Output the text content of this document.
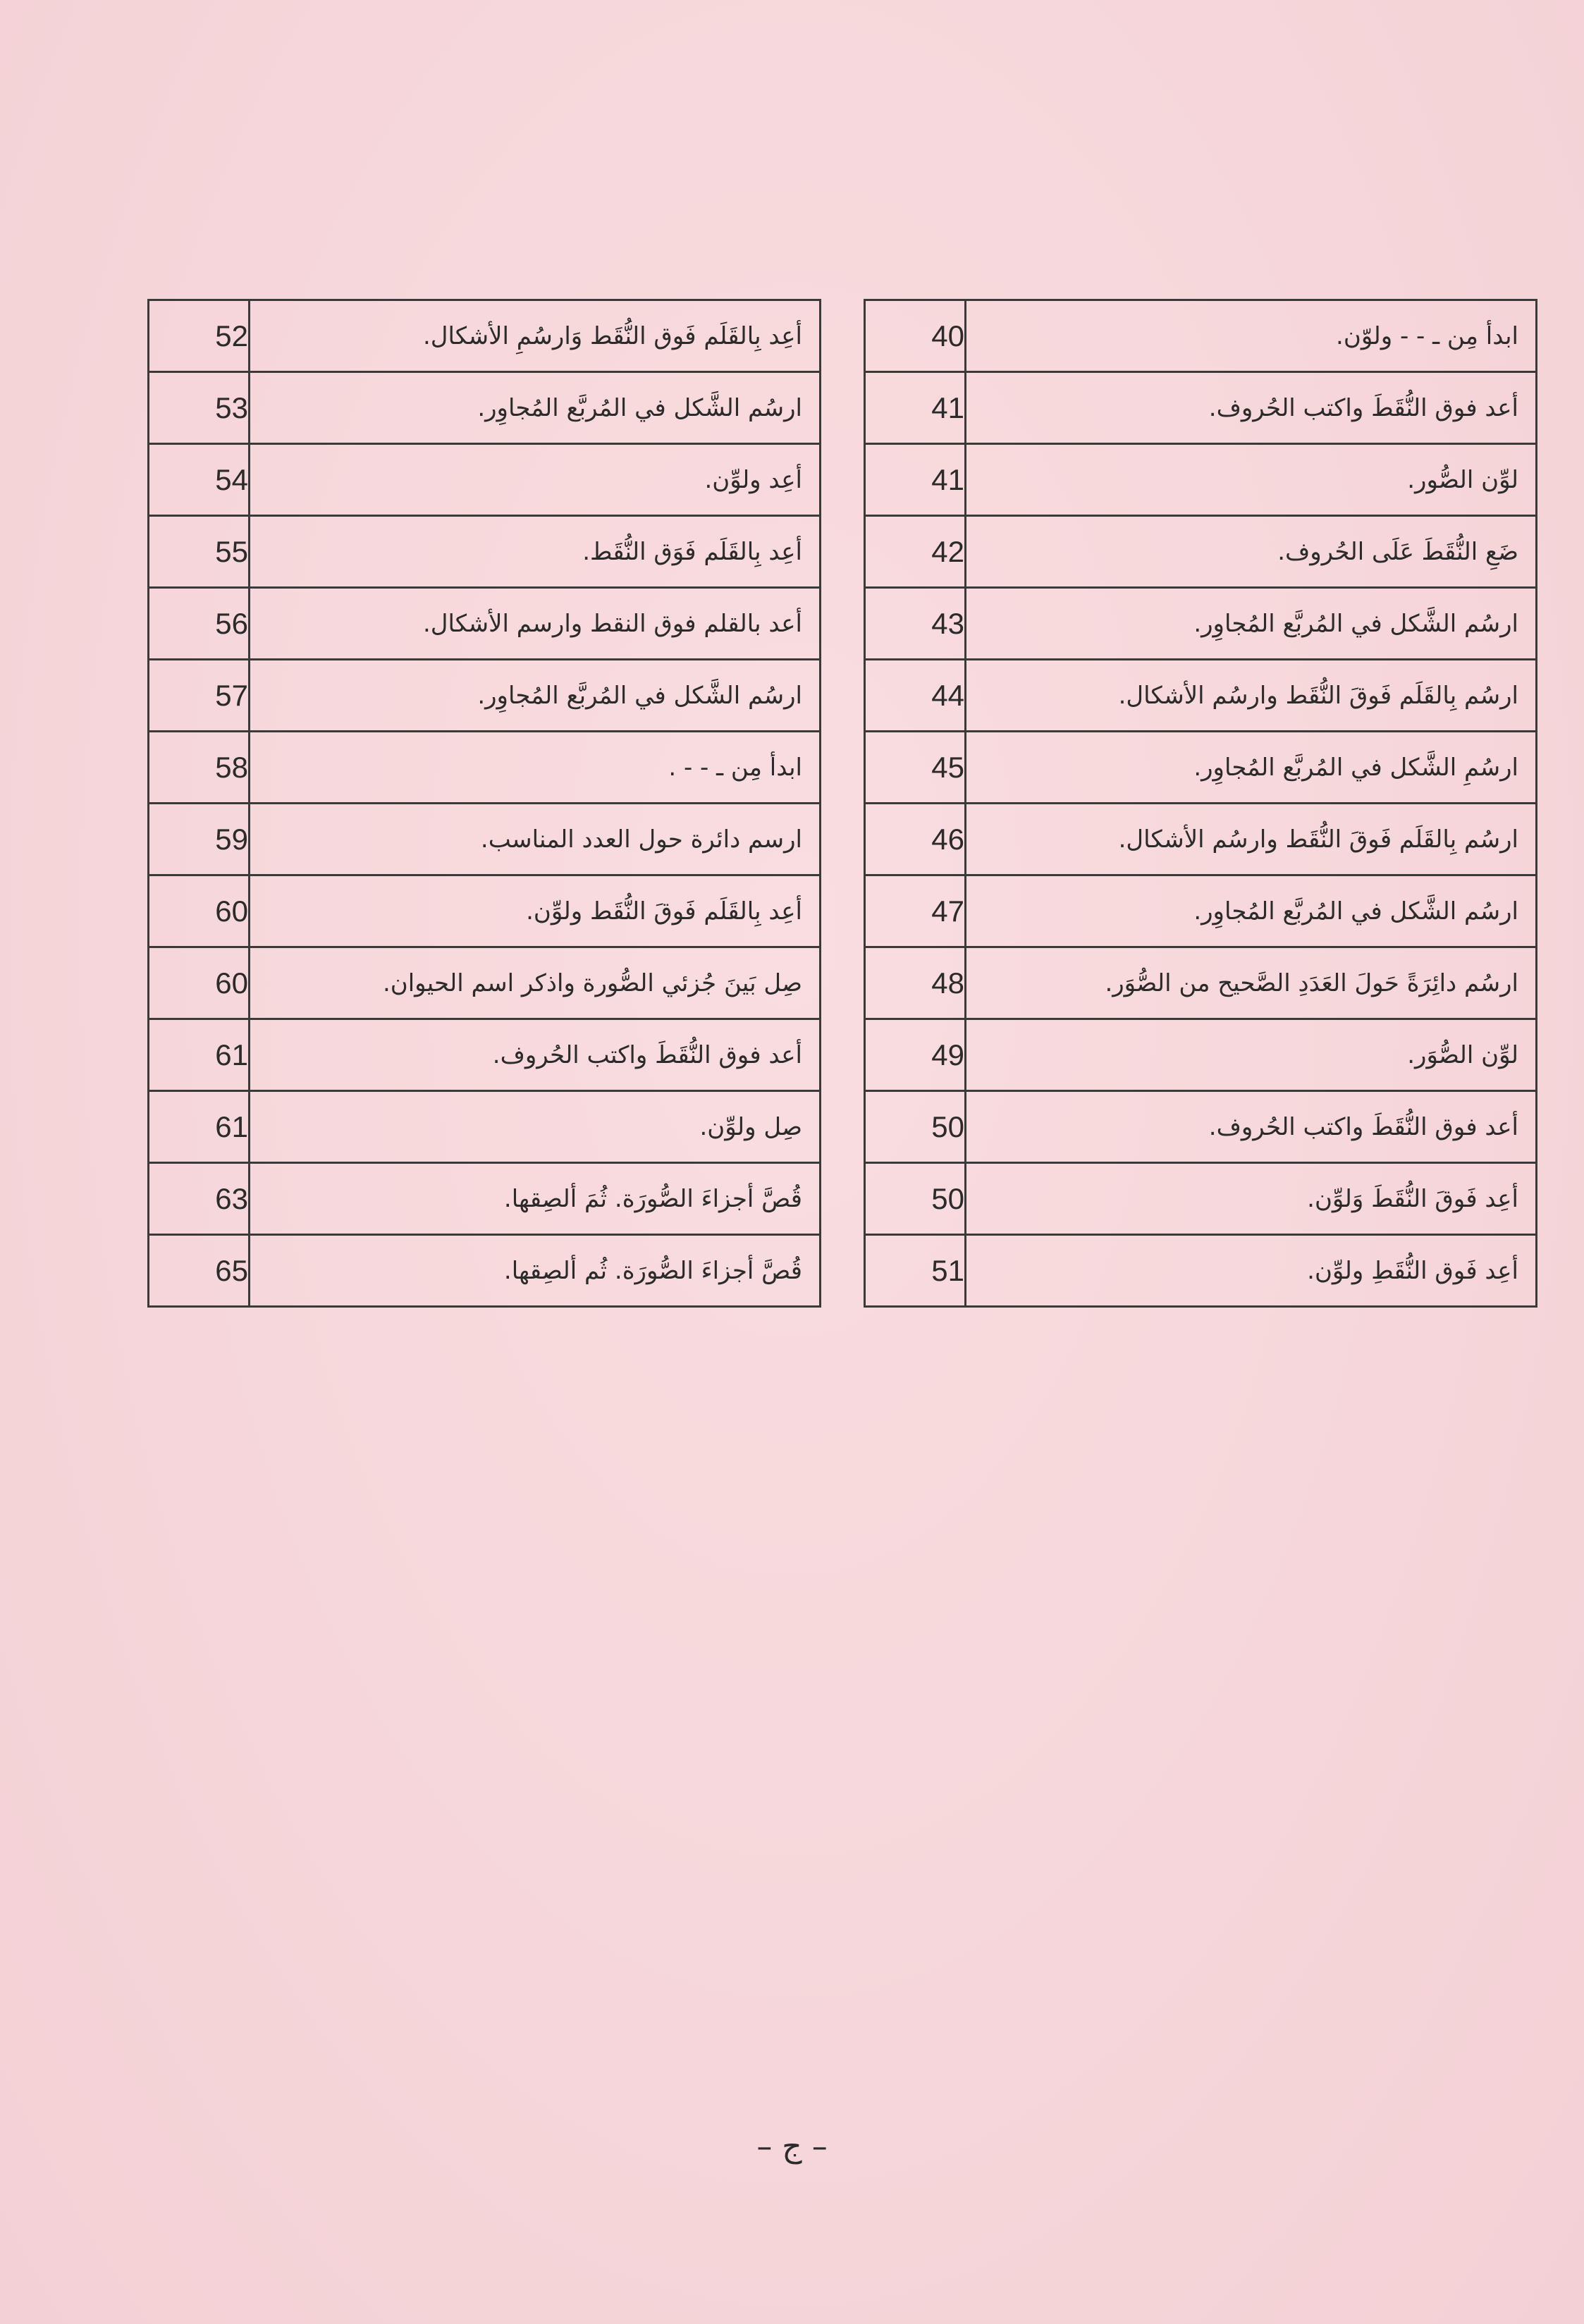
ابدأ مِن ـ - - ولوّن.	40
أعد فوق النُّقَطَ واكتب الحُروف.	41
لوِّن الصُّور.	41
ضَعِ النُّقَطَ عَلَى الحُروف.	42
ارسُم الشَّكل في المُربَّع المُجاوِر.	43
ارسُم بِالقَلَم فَوقَ النُّقَط وارسُم الأشكال.	44
ارسُمِ الشَّكل في المُربَّع المُجاوِر.	45
ارسُم بِالقَلَم فَوقَ النُّقَط وارسُم الأشكال.	46
ارسُم الشَّكل في المُربَّع المُجاوِر.	47
ارسُم دائِرَةً حَولَ العَدَدِ الصَّحيح من الصُّوَر.	48
لوِّن الصُّوَر.	49
أعد فوق النُّقَطَ واكتب الحُروف.	50
أعِد فَوقَ النُّقَطَ وَلوِّن.	50
أعِد فَوق النُّقَطِ ولوِّن.	51
أعِد بِالقَلَم فَوق النُّقَط وَارسُمِ الأشكال.	52
ارسُم الشَّكل في المُربَّع المُجاوِر.	53
أعِد ولوِّن.	54
أعِد بِالقَلَم فَوَق النُّقَط.	55
أعد بالقلم فوق النقط وارسم الأشكال.	56
ارسُم الشَّكل في المُربَّع المُجاوِر.	57
ابدأ مِن ـ - - .	58
ارسم دائرة حول العدد المناسب.	59
أعِد بِالقَلَم فَوقَ النُّقَط ولوِّن.	60
صِل بَينَ جُزئي الصُّورة واذكر اسم الحيوان.	60
أعد فوق النُّقَطَ واكتب الحُروف.	61
صِل ولوِّن.	61
قُصَّ أجزاءَ الصُّورَة. ثُمَ ألصِقها.	63
قُصَّ أجزاءَ الصُّورَة. ثُم ألصِقها.	65
– ج –
